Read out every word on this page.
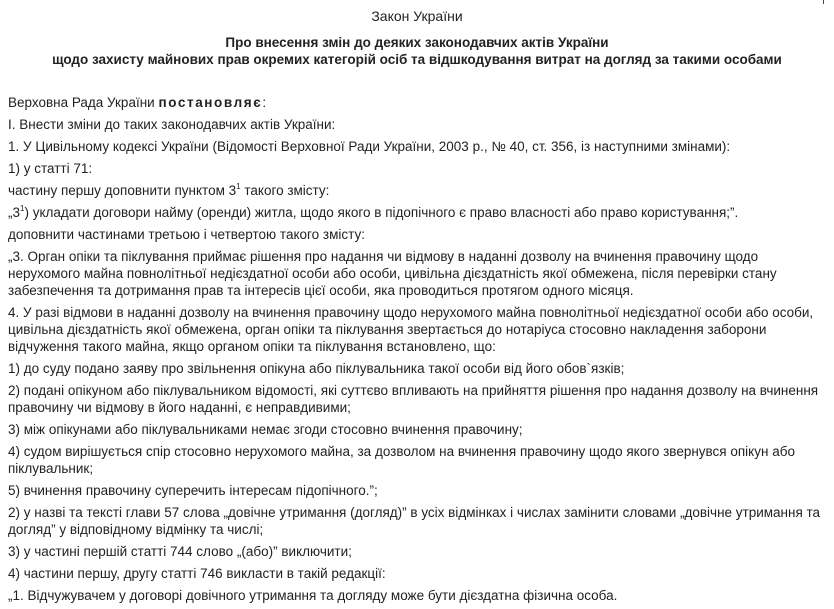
Закон України
Про внесення змін до деяких законодавчих актів України
щодо захисту майнових прав окремих категорій осіб та відшкодування витрат на догляд за такими особами

Верховна Рада України постановляє:

I. Внести зміни до таких законодавчих актів України:

1. У Цивільному кодексі України (Відомості Верховної Ради України, 2003 р., № 40, ст. 356, із наступними змінами):

1) у статті 71:

частину першу доповнити пунктом $3^1$ такого змісту:

$„3^1$) укладати договори найму (оренди) житла, щодо якого в підопічного є право власності або право користування;”.

доповнити частинами третьою і четвертою такого змісту:

„3. Орган опіки та піклування приймає рішення про надання чи відмову в наданні дозволу на вчинення правочину щодо нерухомого майна повнолітньої недієздатної особи або особи, цивільна дієздатність якої обмежена, після перевірки стану забезпечення та дотримання прав та інтересів цієї особи, яка проводиться протягом одного місяця.

4. У разі відмови в наданні дозволу на вчинення правочину щодо нерухомого майна повнолітньої недієздатної особи або особи, цивільна дієздатність якої обмежена, орган опіки та піклування звертається до нотаріуса стосовно накладення заборони відчуження такого майна, якщо органом опіки та піклування встановлено, що:

1) до суду подано заяву про звільнення опікуна або піклувальника такої особи від його обов`язків;

2) подані опікуном або піклувальником відомості, які суттєво впливають на прийняття рішення про надання дозволу на вчинення правочину чи відмову в його наданні, є неправдивими;

3) між опікунами або піклувальниками немає згоди стосовно вчинення правочину;

4) судом вирішується спір стосовно нерухомого майна, за дозволом на вчинення правочину щодо якого звернувся опікун або піклувальник;

5) вчинення правочину суперечить інтересам підопічного.”;

2) у назві та тексті глави 57 слова „довічне утримання (догляд)” в усіх відмінках і числах замінити словами „довічне утримання та догляд” у відповідному відмінку та числі;

3) у частині першій статті 744 слово „(або)” виключити;

4) частини першу, другу статті 746 викласти в такій редакції:

„1. Відчужувачем у договорі довічного утримання та догляду може бути дієздатна фізична особа.
